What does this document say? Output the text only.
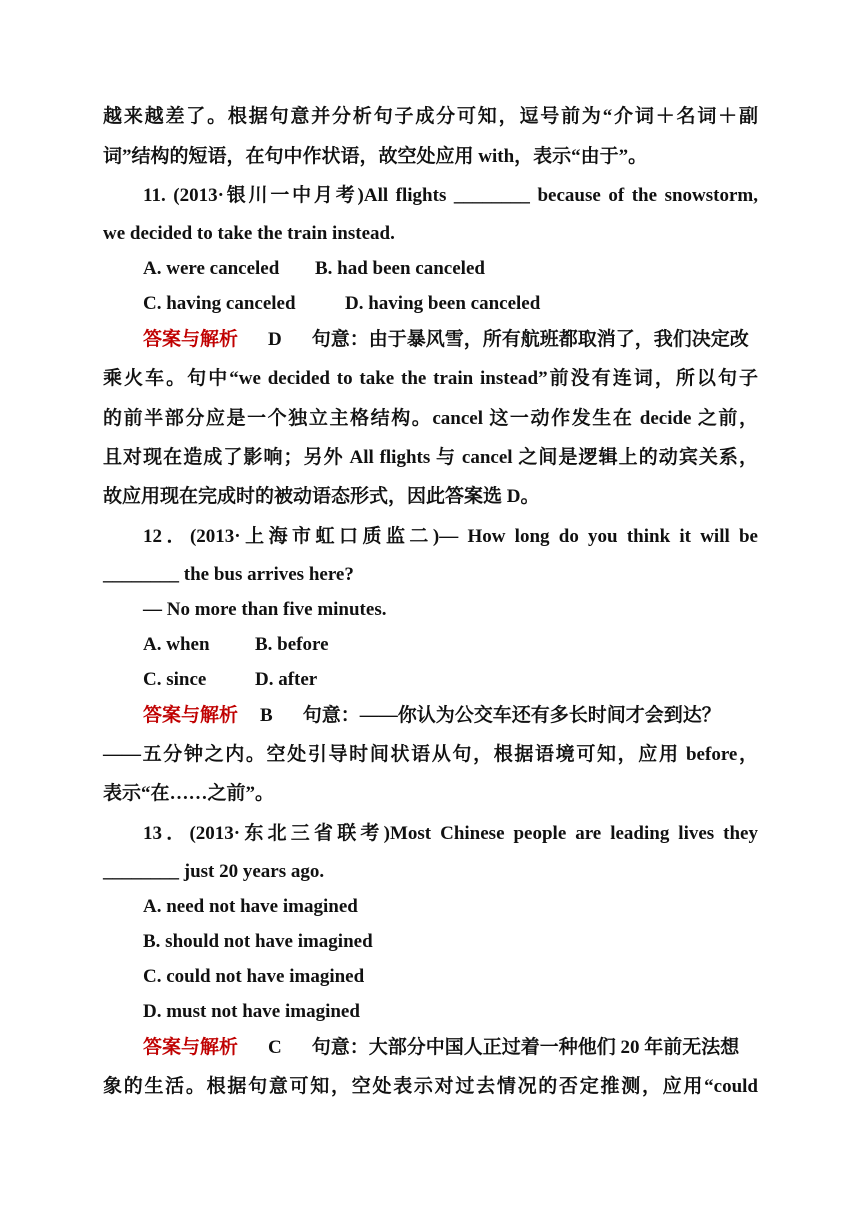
越来越差了。根据句意并分析句子成分可知，逗号前为“介词＋名词＋副
词”结构的短语，在句中作状语，故空处应用 with，表示“由于”。
11. (2013·银川一中月考)All flights ________ because of the snowstorm,
we decided to take the train instead.
A. were canceled B. had been canceled
C. having canceled	D. having been canceled
答案与解析 D 句意：由于暴风雪，所有航班都取消了，我们决定改
乘火车。句中“we decided to take the train instead”前没有连词，所以句子
的前半部分应是一个独立主格结构。cancel 这一动作发生在 decide 之前，
且对现在造成了影响；另外 All flights 与 cancel 之间是逻辑上的动宾关系，
故应用现在完成时的被动语态形式，因此答案选 D。
12．(2013·上海市虹口质监二)— How long do you think it will be
________ the bus arrives here?
— No more than five minutes.
A. when B. before
C. since	D. after
答案与解析 B 句意：——你认为公交车还有多长时间才会到达？
——五分钟之内。空处引导时间状语从句，根据语境可知，应用 before，
表示“在……之前”。
13．(2013·东北三省联考)Most Chinese people are leading lives they
________ just 20 years ago.
A. need not have imagined
B. should not have imagined
C. could not have imagined
D. must not have imagined
答案与解析 C 句意：大部分中国人正过着一种他们 20 年前无法想
象的生活。根据句意可知，空处表示对过去情况的否定推测，应用“could
